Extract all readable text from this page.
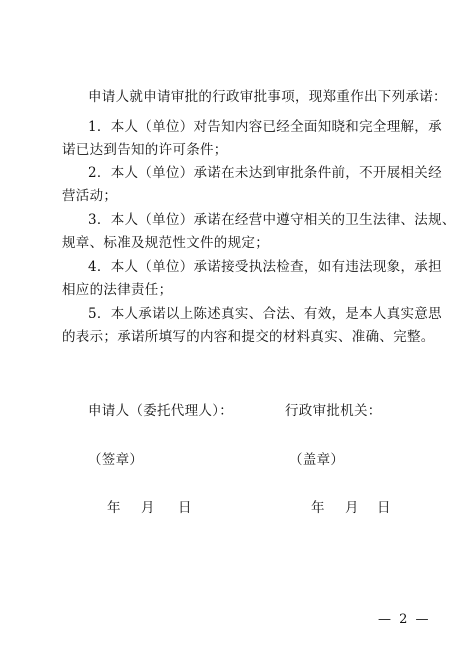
申请人就申请审批的行政审批事项，现郑重作出下列承诺：
1．本人（单位）对告知内容已经全面知晓和完全理解，承
诺已达到告知的许可条件；
2．本人（单位）承诺在未达到审批条件前，不开展相关经
营活动；
3．本人（单位）承诺在经营中遵守相关的卫生法律、法规、
规章、标准及规范性文件的规定；
4．本人（单位）承诺接受执法检查，如有违法现象，承担
相应的法律责任；
5．本人承诺以上陈述真实、合法、有效，是本人真实意思
的表示；承诺所填写的内容和提交的材料真实、准确、完整。
申请人（委托代理人）：	行政审批机关：
（签章）	（盖章）
年 月 日	年 月 日
— 2 —
